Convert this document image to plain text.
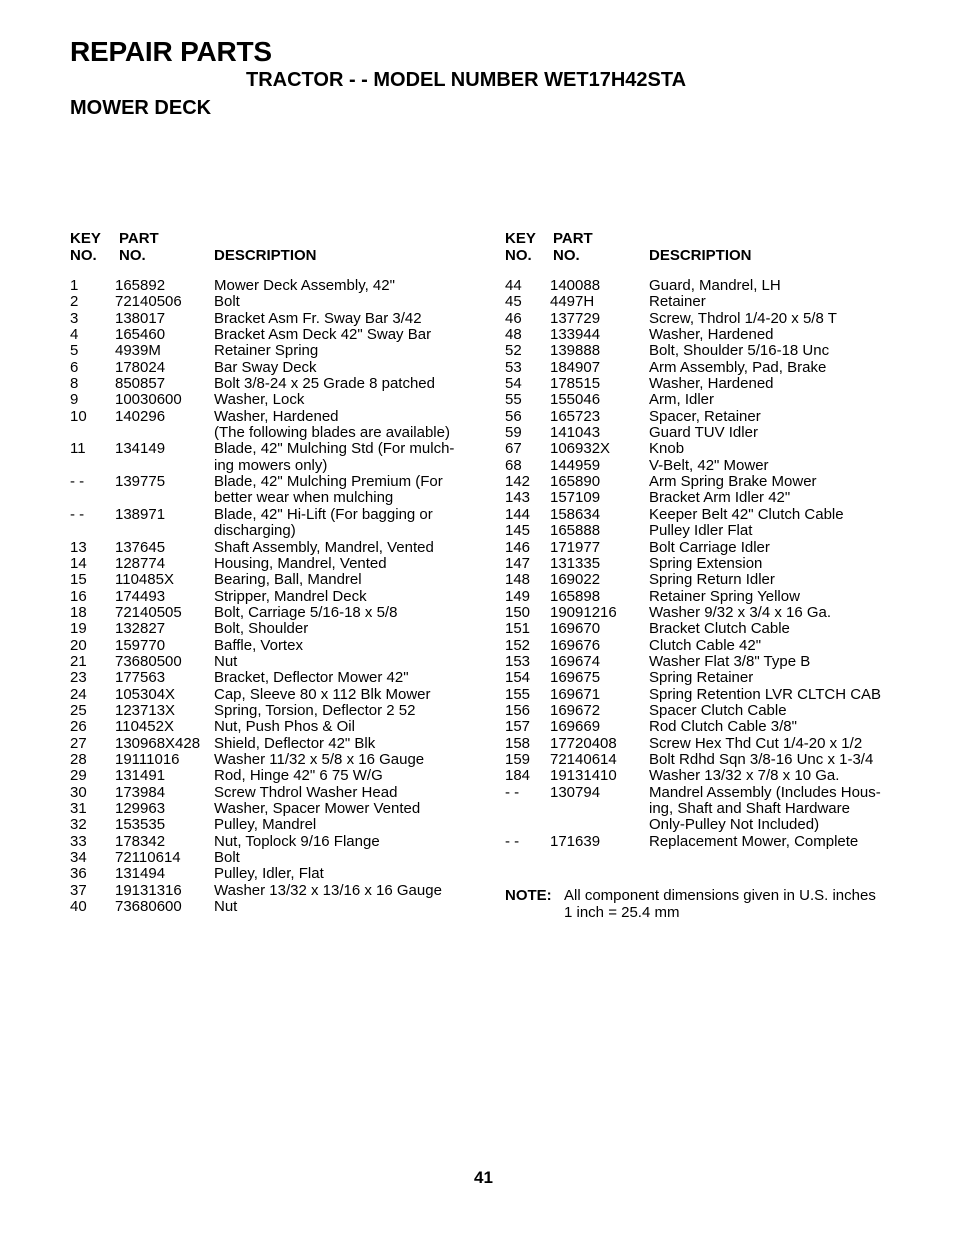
REPAIR PARTS
TRACTOR - - MODEL NUMBER WET17H42STA
MOWER DECK
KEY
NO.
PART
NO.	DESCRIPTION
1 165892	Mower Deck Assembly, 42"
2 72140506 Bolt
3 138017	Bracket Asm Fr. Sway Bar 3/42
4 165460	Bracket Asm Deck 42" Sway Bar
5 4939M	Retainer Spring
6 178024	Bar Sway Deck
8 850857	Bolt 3/8-24 x 25 Grade 8 patched
9 10030600 Washer, Lock
10 140296	Washer, Hardened
(The following blades are available)
11 134149	Blade, 42" Mulching Std (For mulch-
ing mowers only)
- - 139775	Blade, 42" Mulching Premium (For
better wear when mulching
- - 138971	Blade, 42" Hi-Lift (For bagging or
discharging)
13 137645	Shaft Assembly, Mandrel, Vented
14 128774	Housing, Mandrel, Vented
15 110485X	Bearing, Ball, Mandrel
16 174493	Stripper, Mandrel Deck
18 72140505 Bolt, Carriage 5/16-18 x 5/8
19 132827	Bolt, Shoulder
20 159770	Baffle, Vortex
21 73680500 Nut
23 177563	Bracket, Deflector Mower 42"
24 105304X	Cap, Sleeve 80 x 112 Blk Mower
25 123713X	Spring, Torsion, Deflector 2 52
26 110452X	Nut, Push Phos & Oil
27 130968X428 Shield, Deflector 42" Blk
28 19111016 Washer 11/32 x 5/8 x 16 Gauge
29 131491	Rod, Hinge 42" 6 75 W/G
30 173984	Screw Thdrol Washer Head
31 129963	Washer, Spacer Mower Vented
32 153535	Pulley, Mandrel
33 178342	Nut, Toplock 9/16 Flange
34 72110614 Bolt
36 131494	Pulley, Idler, Flat
37 19131316 Washer 13/32 x 13/16 x 16 Gauge
40 73680600 Nut
KEY
NO.
PART
NO.	DESCRIPTION
44 140088	Guard, Mandrel, LH
45 4497H	Retainer
46 137729	Screw, Thdrol 1/4-20 x 5/8 T
48 133944	Washer, Hardened
52 139888	Bolt, Shoulder 5/16-18 Unc
53 184907	Arm Assembly, Pad, Brake
54 178515	Washer, Hardened
55 155046	Arm, Idler
56 165723	Spacer, Retainer
59 141043	Guard TUV Idler
67 106932X	Knob
68 144959	V-Belt, 42" Mower
142 165890	Arm Spring Brake Mower
143 157109	Bracket Arm Idler 42"
144 158634	Keeper Belt 42" Clutch Cable
145 165888	Pulley Idler Flat
146 171977	Bolt Carriage Idler
147 131335	Spring Extension
148 169022	Spring Return Idler
149 165898	Retainer Spring Yellow
150 19091216 Washer 9/32 x 3/4 x 16 Ga.
151 169670	Bracket Clutch Cable
152 169676	Clutch Cable 42"
153 169674	Washer Flat 3/8" Type B
154 169675	Spring Retainer
155 169671	Spring Retention LVR CLTCH CAB
156 169672	Spacer Clutch Cable
157 169669	Rod Clutch Cable 3/8"
158 17720408 Screw Hex Thd Cut 1/4-20 x 1/2
159 72140614 Bolt Rdhd Sqn 3/8-16 Unc x 1-3/4
184 19131410 Washer 13/32 x 7/8 x 10 Ga.
- - 130794	Mandrel Assembly (Includes Hous-
ing, Shaft and Shaft Hardware
Only-Pulley Not Included)
- - 171639	Replacement Mower, Complete
NOTE: All component dimensions given in U.S. inches
1 inch = 25.4 mm
41
